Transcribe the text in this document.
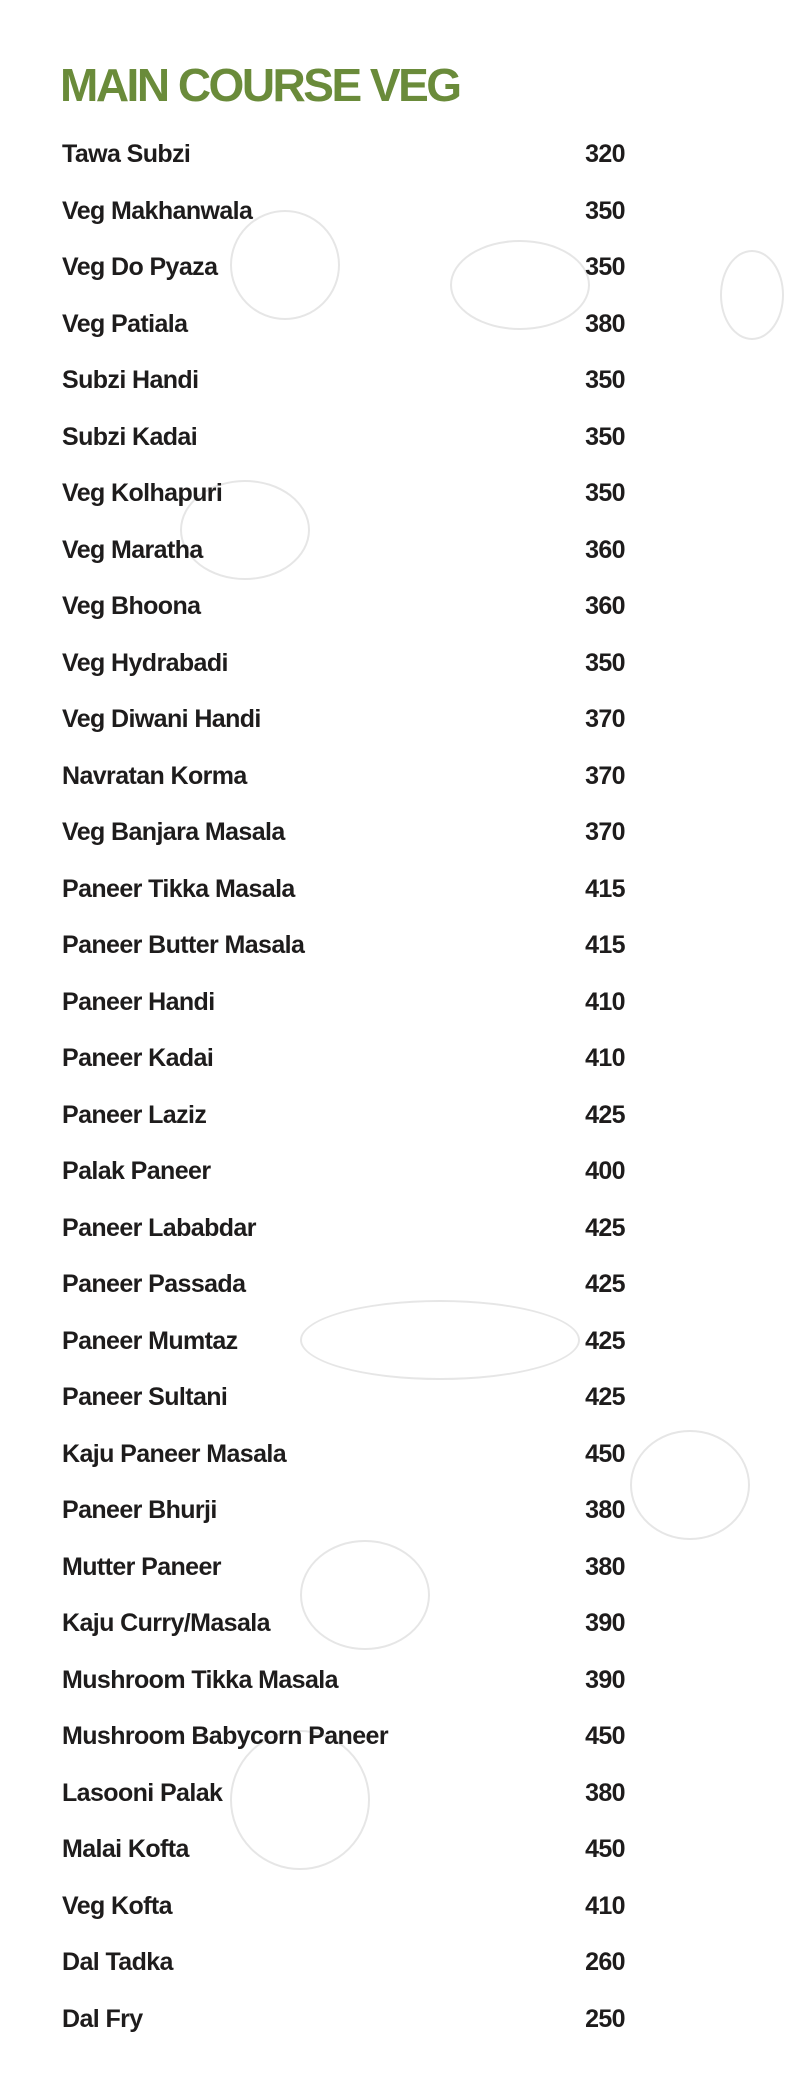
MAIN COURSE VEG
Tawa Subzi	320
Veg Makhanwala	350
Veg Do Pyaza	350
Veg Patiala	380
Subzi Handi	350
Subzi Kadai	350
Veg Kolhapuri	350
Veg Maratha	360
Veg Bhoona	360
Veg Hydrabadi	350
Veg Diwani Handi	370
Navratan Korma	370
Veg Banjara Masala	370
Paneer Tikka Masala	415
Paneer Butter Masala	415
Paneer Handi	410
Paneer Kadai	410
Paneer Laziz	425
Palak Paneer	400
Paneer Lababdar	425
Paneer Passada	425
Paneer Mumtaz	425
Paneer Sultani	425
Kaju Paneer Masala	450
Paneer Bhurji	380
Mutter Paneer	380
Kaju Curry/Masala	390
Mushroom Tikka Masala	390
Mushroom Babycorn Paneer	450
Lasooni Palak	380
Malai Kofta	450
Veg Kofta	410
Dal Tadka	260
Dal Fry	250
